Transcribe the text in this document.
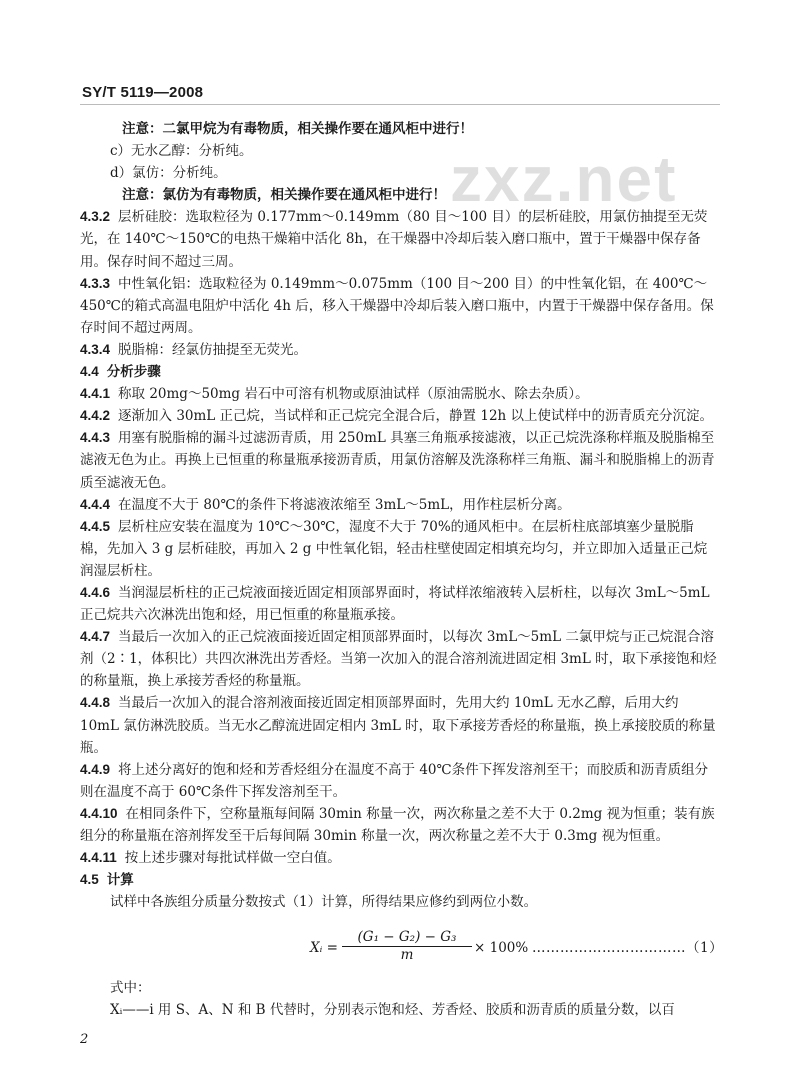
SY/T 5119—2008
zxz.net

注意：二氯甲烷为有毒物质，相关操作要在通风柜中进行！

c）无水乙醇：分析纯。

d）氯仿：分析纯。

注意：氯仿为有毒物质，相关操作要在通风柜中进行！

4.3.2 层析硅胶：选取粒径为 0.177mm～0.149mm（80 目～100 目）的层析硅胶，用氯仿抽提至无荧光，在 140℃～150℃的电热干燥箱中活化 8h，在干燥器中冷却后装入磨口瓶中，置于干燥器中保存备用。保存时间不超过三周。

4.3.3 中性氧化铝：选取粒径为 0.149mm～0.075mm（100 目～200 目）的中性氧化铝，在 400℃～450℃的箱式高温电阻炉中活化 4h 后，移入干燥器中冷却后装入磨口瓶中，内置于干燥器中保存备用。保存时间不超过两周。

4.3.4 脱脂棉：经氯仿抽提至无荧光。

4.4 分析步骤

4.4.1 称取 20mg～50mg 岩石中可溶有机物或原油试样（原油需脱水、除去杂质）。

4.4.2 逐渐加入 30mL 正己烷，当试样和正己烷完全混合后，静置 12h 以上使试样中的沥青质充分沉淀。

4.4.3 用塞有脱脂棉的漏斗过滤沥青质，用 250mL 具塞三角瓶承接滤液，以正己烷洗涤称样瓶及脱脂棉至滤液无色为止。再换上已恒重的称量瓶承接沥青质，用氯仿溶解及洗涤称样三角瓶、漏斗和脱脂棉上的沥青质至滤液无色。

4.4.4 在温度不大于 80℃的条件下将滤液浓缩至 3mL～5mL，用作柱层析分离。

4.4.5 层析柱应安装在温度为 10℃～30℃，湿度不大于 70%的通风柜中。在层析柱底部填塞少量脱脂棉，先加入 3 g 层析硅胶，再加入 2 g 中性氧化铝，轻击柱壁使固定相填充均匀，并立即加入适量正己烷润湿层析柱。

4.4.6 当润湿层析柱的正己烷液面接近固定相顶部界面时，将试样浓缩液转入层析柱，以每次 3mL～5mL 正己烷共六次淋洗出饱和烃，用已恒重的称量瓶承接。

4.4.7 当最后一次加入的正己烷液面接近固定相顶部界面时，以每次 3mL～5mL 二氯甲烷与正己烷混合溶剂（2∶1，体积比）共四次淋洗出芳香烃。当第一次加入的混合溶剂流进固定相 3mL 时，取下承接饱和烃的称量瓶，换上承接芳香烃的称量瓶。

4.4.8 当最后一次加入的混合溶剂液面接近固定相顶部界面时，先用大约 10mL 无水乙醇，后用大约 10mL 氯仿淋洗胶质。当无水乙醇流进固定相内 3mL 时，取下承接芳香烃的称量瓶，换上承接胶质的称量瓶。

4.4.9 将上述分离好的饱和烃和芳香烃组分在温度不高于 40℃条件下挥发溶剂至干；而胶质和沥青质组分则在温度不高于 60℃条件下挥发溶剂至干。

4.4.10 在相同条件下，空称量瓶每间隔 30min 称量一次，两次称量之差不大于 0.2mg 视为恒重；装有族组分的称量瓶在溶剂挥发至干后每间隔 30min 称量一次，两次称量之差不大于 0.3mg 视为恒重。

4.4.11 按上述步骤对每批试样做一空白值。

4.5 计算

试样中各族组分质量分数按式（1）计算，所得结果应修约到两位小数。

Xᵢ = $\frac{\text{(G₁ − G₂) − G₃}}{m} \times 100\%$ ……………………………（1）

式中：

Xᵢ——i 用 S、A、N 和 B 代替时，分别表示饱和烃、芳香烃、胶质和沥青质的质量分数，以百

2
